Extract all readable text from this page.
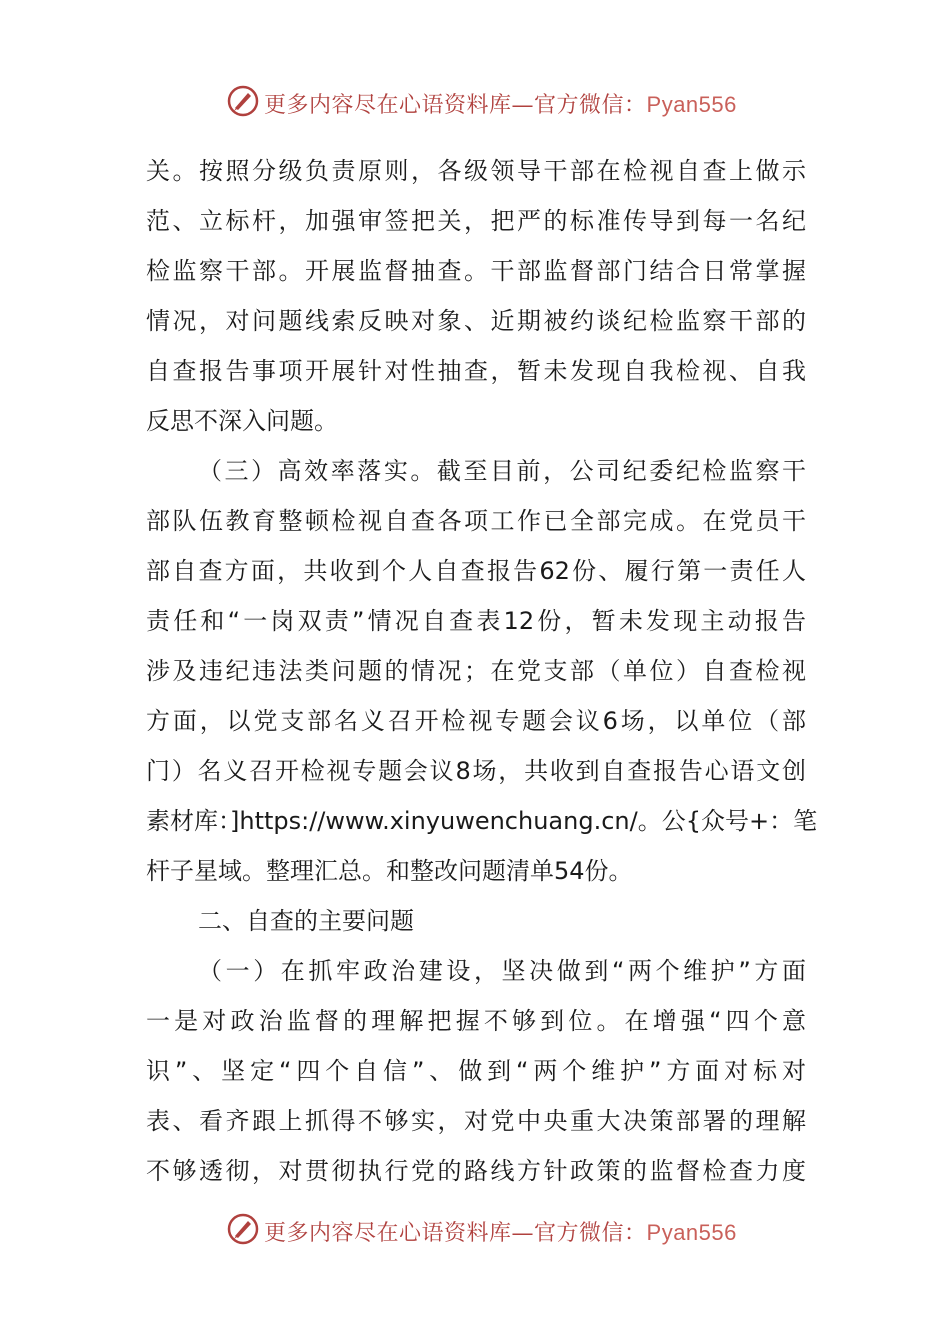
更多内容尽在心语资料库—官方微信：Pyan556
关。按照分级负责原则，各级领导干部在检视自查上做示
范、立标杆，加强审签把关，把严的标准传导到每一名纪
检监察干部。开展监督抽查。干部监督部门结合日常掌握
情况，对问题线索反映对象、近期被约谈纪检监察干部的
自查报告事项开展针对性抽查，暂未发现自我检视、自我
反思不深入问题。
（三）高效率落实。截至目前，公司纪委纪检监察干
部队伍教育整顿检视自查各项工作已全部完成。在党员干
部自查方面，共收到个人自查报告62份、履行第一责任人
责任和“一岗双责”情况自查表12份，暂未发现主动报告
涉及违纪违法类问题的情况；在党支部（单位）自查检视
方面，以党支部名义召开检视专题会议6场，以单位（部
门）名义召开检视专题会议8场，共收到自查报告心语文创
素材库：]https://www.xinyuwenchuang.cn/。公{众号+：笔
杆子星域。整理汇总。和整改问题清单54份。
二、自查的主要问题
（一）在抓牢政治建设，坚决做到“两个维护”方面
一是对政治监督的理解把握不够到位。在增强“四个意
识”、坚定“四个自信”、做到“两个维护”方面对标对
表、看齐跟上抓得不够实，对党中央重大决策部署的理解
不够透彻，对贯彻执行党的路线方针政策的监督检查力度
更多内容尽在心语资料库—官方微信：Pyan556
